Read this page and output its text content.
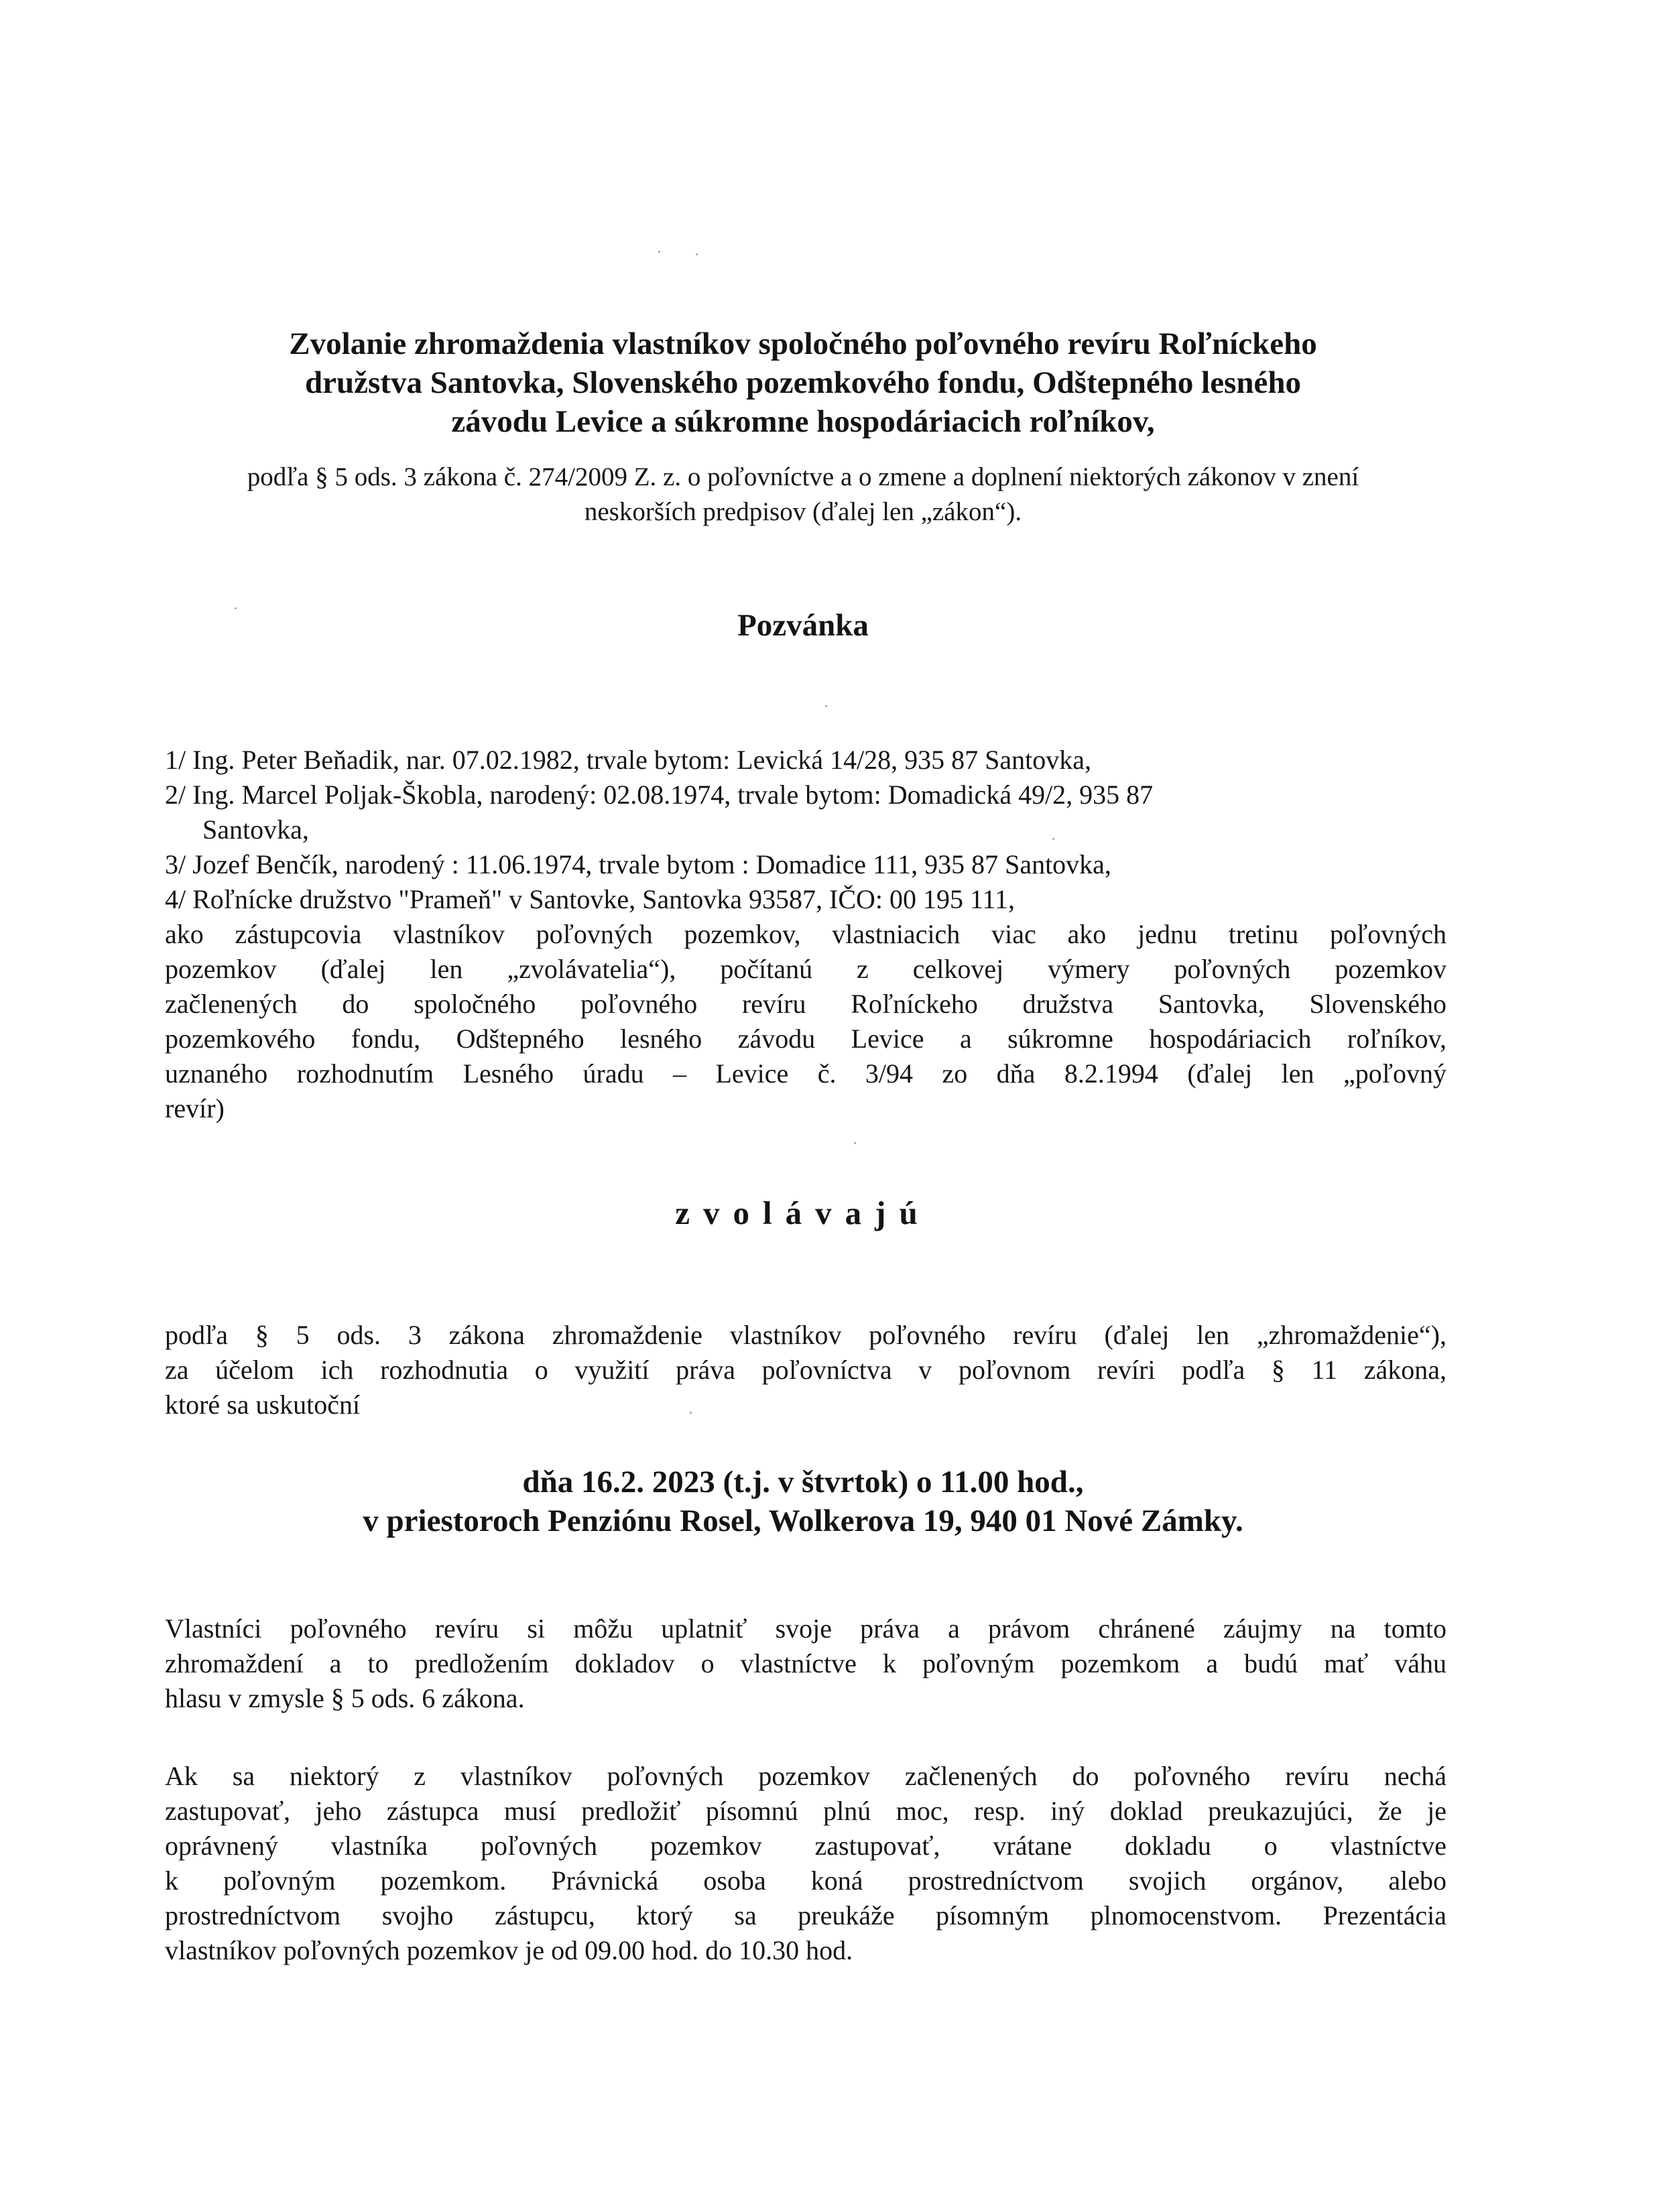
Zvolanie zhromaždenia vlastníkov spoločného poľovného revíru Roľníckeho
družstva Santovka, Slovenského pozemkového fondu, Odštepného lesného
závodu Levice a súkromne hospodáriacich roľníkov,
podľa § 5 ods. 3 zákona č. 274/2009 Z. z. o poľovníctve a o zmene a doplnení niektorých zákonov v znení
neskorších predpisov (ďalej len „zákon“).
Pozvánka
1/ Ing. Peter Beňadik, nar. 07.02.1982, trvale bytom: Levická 14/28, 935 87 Santovka,
2/ Ing. Marcel Poljak-Škobla, narodený: 02.08.1974, trvale bytom: Domadická 49/2, 935 87
Santovka,
3/ Jozef Benčík, narodený : 11.06.1974, trvale bytom : Domadice 111, 935 87 Santovka,
4/ Roľnícke družstvo "Prameň" v Santovke, Santovka 93587, IČO: 00 195 111,
ako zástupcovia vlastníkov poľovných pozemkov, vlastniacich viac ako jednu tretinu poľovných
pozemkov (ďalej len „zvolávatelia“), počítanú z celkovej výmery poľovných pozemkov
začlenených do spoločného poľovného revíru Roľníckeho družstva Santovka, Slovenského
pozemkového fondu, Odštepného lesného závodu Levice a súkromne hospodáriacich roľníkov,
uznaného rozhodnutím Lesného úradu – Levice č. 3/94 zo dňa 8.2.1994 (ďalej len „poľovný
revír)
zvolávajú
podľa § 5 ods. 3 zákona zhromaždenie vlastníkov poľovného revíru (ďalej len „zhromaždenie“),
za účelom ich rozhodnutia o využití práva poľovníctva v poľovnom revíri podľa § 11 zákona,
ktoré sa uskutoční
dňa 16.2. 2023 (t.j. v štvrtok) o 11.00 hod.,
v priestoroch Penziónu Rosel, Wolkerova 19, 940 01 Nové Zámky.
Vlastníci poľovného revíru si môžu uplatniť svoje práva a právom chránené záujmy na tomto
zhromaždení a to predložením dokladov o vlastníctve k poľovným pozemkom a budú mať váhu
hlasu v zmysle § 5 ods. 6 zákona.
Ak sa niektorý z vlastníkov poľovných pozemkov začlenených do poľovného revíru nechá
zastupovať, jeho zástupca musí predložiť písomnú plnú moc, resp. iný doklad preukazujúci, že je
oprávnený vlastníka poľovných pozemkov zastupovať, vrátane dokladu o vlastníctve
k poľovným pozemkom. Právnická osoba koná prostredníctvom svojich orgánov, alebo
prostredníctvom svojho zástupcu, ktorý sa preukáže písomným plnomocenstvom. Prezentácia
vlastníkov poľovných pozemkov je od 09.00 hod. do 10.30 hod.
